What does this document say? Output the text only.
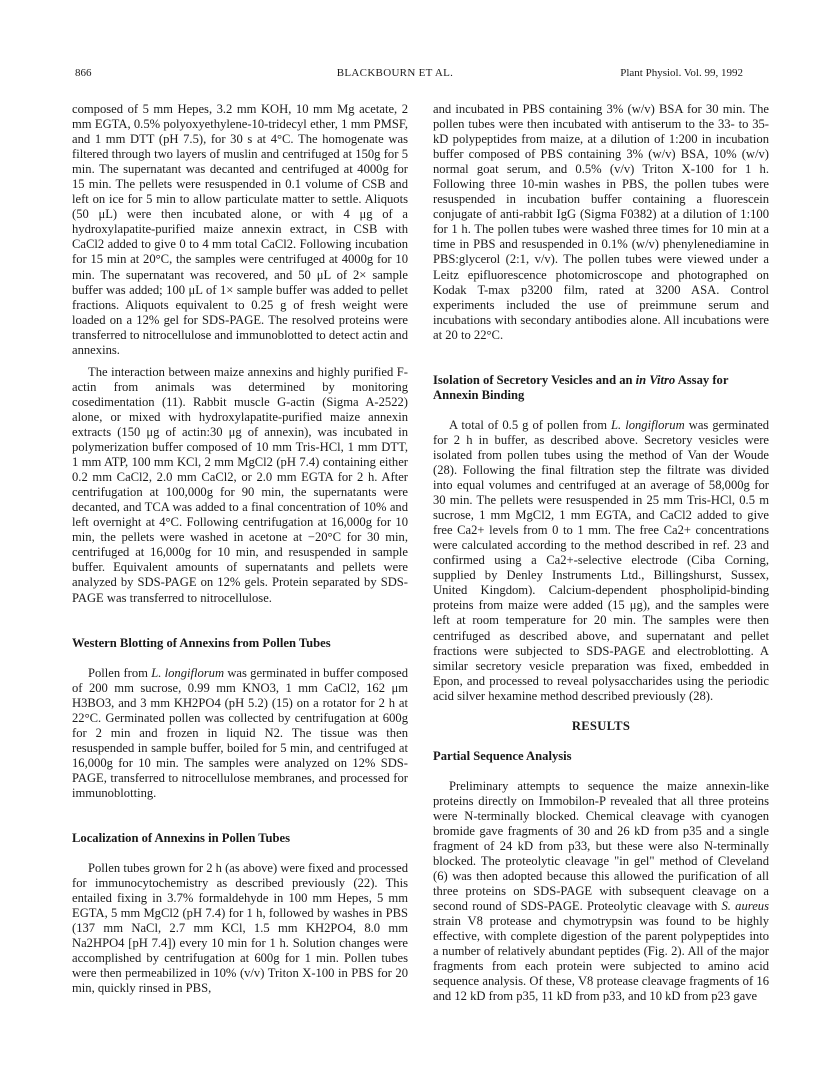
866	BLACKBOURN ET AL.	Plant Physiol. Vol. 99, 1992

composed of 5 mm Hepes, 3.2 mm KOH, 10 mm Mg acetate, 2 mm EGTA, 0.5% polyoxyethylene-10-tridecyl ether, 1 mm PMSF, and 1 mm DTT (pH 7.5), for 30 s at 4°C. The homogenate was filtered through two layers of muslin and centrifuged at 150g for 5 min. The supernatant was decanted and centrifuged at 4000g for 15 min. The pellets were resuspended in 0.1 volume of CSB and left on ice for 5 min to allow particulate matter to settle. Aliquots (50 μL) were then incubated alone, or with 4 μg of a hydroxylapatite-purified maize annexin extract, in CSB with CaCl2 added to give 0 to 4 mm total CaCl2. Following incubation for 15 min at 20°C, the samples were centrifuged at 4000g for 10 min. The supernatant was recovered, and 50 μL of 2× sample buffer was added; 100 μL of 1× sample buffer was added to pellet fractions. Aliquots equivalent to 0.25 g of fresh weight were loaded on a 12% gel for SDS-PAGE. The resolved proteins were transferred to nitrocellulose and immunoblotted to detect actin and annexins.

The interaction between maize annexins and highly purified F-actin from animals was determined by monitoring cosedimentation (11). Rabbit muscle G-actin (Sigma A-2522) alone, or mixed with hydroxylapatite-purified maize annexin extracts (150 μg of actin:30 μg of annexin), was incubated in polymerization buffer composed of 10 mm Tris-HCl, 1 mm DTT, 1 mm ATP, 100 mm KCl, 2 mm MgCl2 (pH 7.4) containing either 0.2 mm CaCl2, 2.0 mm CaCl2, or 2.0 mm EGTA for 2 h. After centrifugation at 100,000g for 90 min, the supernatants were decanted, and TCA was added to a final concentration of 10% and left overnight at 4°C. Following centrifugation at 16,000g for 10 min, the pellets were washed in acetone at −20°C for 30 min, centrifuged at 16,000g for 10 min, and resuspended in sample buffer. Equivalent amounts of supernatants and pellets were analyzed by SDS-PAGE on 12% gels. Protein separated by SDS-PAGE was transferred to nitrocellulose.

Western Blotting of Annexins from Pollen Tubes

Pollen from L. longiflorum was germinated in buffer composed of 200 mm sucrose, 0.99 mm KNO3, 1 mm CaCl2, 162 μm H3BO3, and 3 mm KH2PO4 (pH 5.2) (15) on a rotator for 2 h at 22°C. Germinated pollen was collected by centrifugation at 600g for 2 min and frozen in liquid N2. The tissue was then resuspended in sample buffer, boiled for 5 min, and centrifuged at 16,000g for 10 min. The samples were analyzed on 12% SDS-PAGE, transferred to nitrocellulose membranes, and processed for immunoblotting.

Localization of Annexins in Pollen Tubes

Pollen tubes grown for 2 h (as above) were fixed and processed for immunocytochemistry as described previously (22). This entailed fixing in 3.7% formaldehyde in 100 mm Hepes, 5 mm EGTA, 5 mm MgCl2 (pH 7.4) for 1 h, followed by washes in PBS (137 mm NaCl, 2.7 mm KCl, 1.5 mm KH2PO4, 8.0 mm Na2HPO4 [pH 7.4]) every 10 min for 1 h. Solution changes were accomplished by centrifugation at 600g for 1 min. Pollen tubes were then permeabilized in 10% (v/v) Triton X-100 in PBS for 20 min, quickly rinsed in PBS,

and incubated in PBS containing 3% (w/v) BSA for 30 min. The pollen tubes were then incubated with antiserum to the 33- to 35-kD polypeptides from maize, at a dilution of 1:200 in incubation buffer composed of PBS containing 3% (w/v) BSA, 10% (w/v) normal goat serum, and 0.5% (v/v) Triton X-100 for 1 h. Following three 10-min washes in PBS, the pollen tubes were resuspended in incubation buffer containing a fluorescein conjugate of anti-rabbit IgG (Sigma F0382) at a dilution of 1:100 for 1 h. The pollen tubes were washed three times for 10 min at a time in PBS and resuspended in 0.1% (w/v) phenylenediamine in PBS:glycerol (2:1, v/v). The pollen tubes were viewed under a Leitz epifluorescence photomicroscope and photographed on Kodak T-max p3200 film, rated at 3200 ASA. Control experiments included the use of preimmune serum and incubations with secondary antibodies alone. All incubations were at 20 to 22°C.

Isolation of Secretory Vesicles and an in Vitro Assay for Annexin Binding

A total of 0.5 g of pollen from L. longiflorum was germinated for 2 h in buffer, as described above. Secretory vesicles were isolated from pollen tubes using the method of Van der Woude (28). Following the final filtration step the filtrate was divided into equal volumes and centrifuged at an average of 58,000g for 30 min. The pellets were resuspended in 25 mm Tris-HCl, 0.5 m sucrose, 1 mm MgCl2, 1 mm EGTA, and CaCl2 added to give free Ca2+ levels from 0 to 1 mm. The free Ca2+ concentrations were calculated according to the method described in ref. 23 and confirmed using a Ca2+-selective electrode (Ciba Corning, supplied by Denley Instruments Ltd., Billingshurst, Sussex, United Kingdom). Calcium-dependent phospholipid-binding proteins from maize were added (15 μg), and the samples were left at room temperature for 20 min. The samples were then centrifuged as described above, and supernatant and pellet fractions were subjected to SDS-PAGE and electroblotting. A similar secretory vesicle preparation was fixed, embedded in Epon, and processed to reveal polysaccharides using the periodic acid silver hexamine method described previously (28).

RESULTS
Partial Sequence Analysis

Preliminary attempts to sequence the maize annexin-like proteins directly on Immobilon-P revealed that all three proteins were N-terminally blocked. Chemical cleavage with cyanogen bromide gave fragments of 30 and 26 kD from p35 and a single fragment of 24 kD from p33, but these were also N-terminally blocked. The proteolytic cleavage "in gel" method of Cleveland (6) was then adopted because this allowed the purification of all three proteins on SDS-PAGE with subsequent cleavage on a second round of SDS-PAGE. Proteolytic cleavage with S. aureus strain V8 protease and chymotrypsin was found to be highly effective, with complete digestion of the parent polypeptides into a number of relatively abundant peptides (Fig. 2). All of the major fragments from each protein were subjected to amino acid sequence analysis. Of these, V8 protease cleavage fragments of 16 and 12 kD from p35, 11 kD from p33, and 10 kD from p23 gave
